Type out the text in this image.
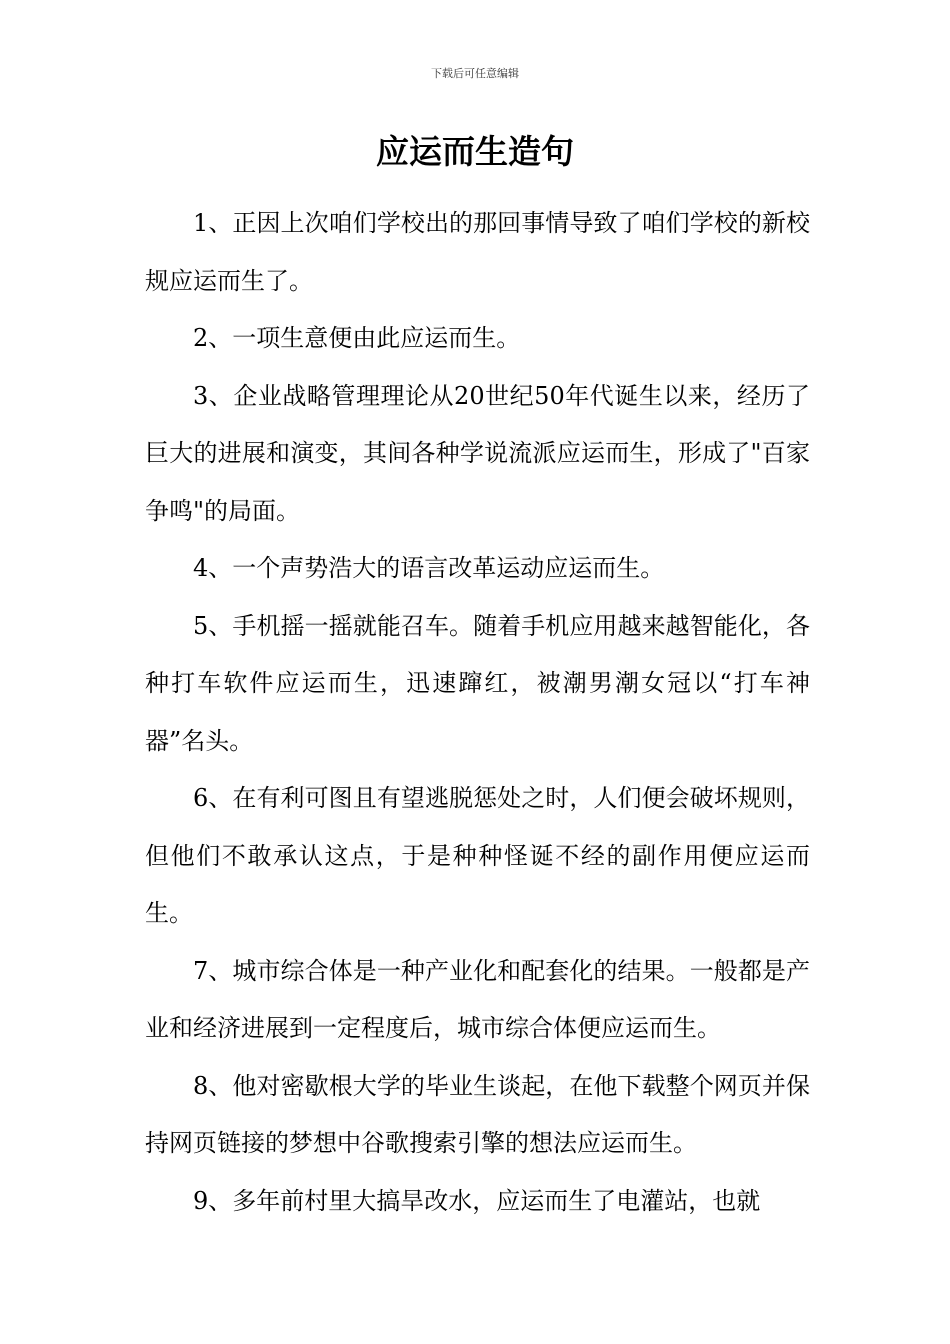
下载后可任意编辑
应运而生造句

1、正因上次咱们学校出的那回事情导致了咱们学校的新校规应运而生了。

2、一项生意便由此应运而生。

3、企业战略管理理论从20世纪50年代诞生以来，经历了巨大的进展和演变，其间各种学说流派应运而生，形成了"百家争鸣"的局面。

4、一个声势浩大的语言改革运动应运而生。

5、手机摇一摇就能召车。随着手机应用越来越智能化，各种打车软件应运而生，迅速蹿红，被潮男潮女冠以“打车神器”名头。

6、在有利可图且有望逃脱惩处之时，人们便会破坏规则，但他们不敢承认这点，于是种种怪诞不经的副作用便应运而生。

7、城市综合体是一种产业化和配套化的结果。一般都是产业和经济进展到一定程度后，城市综合体便应运而生。

8、他对密歇根大学的毕业生谈起，在他下载整个网页并保持网页链接的梦想中谷歌搜索引擎的想法应运而生。

9、多年前村里大搞旱改水，应运而生了电灌站，也就
